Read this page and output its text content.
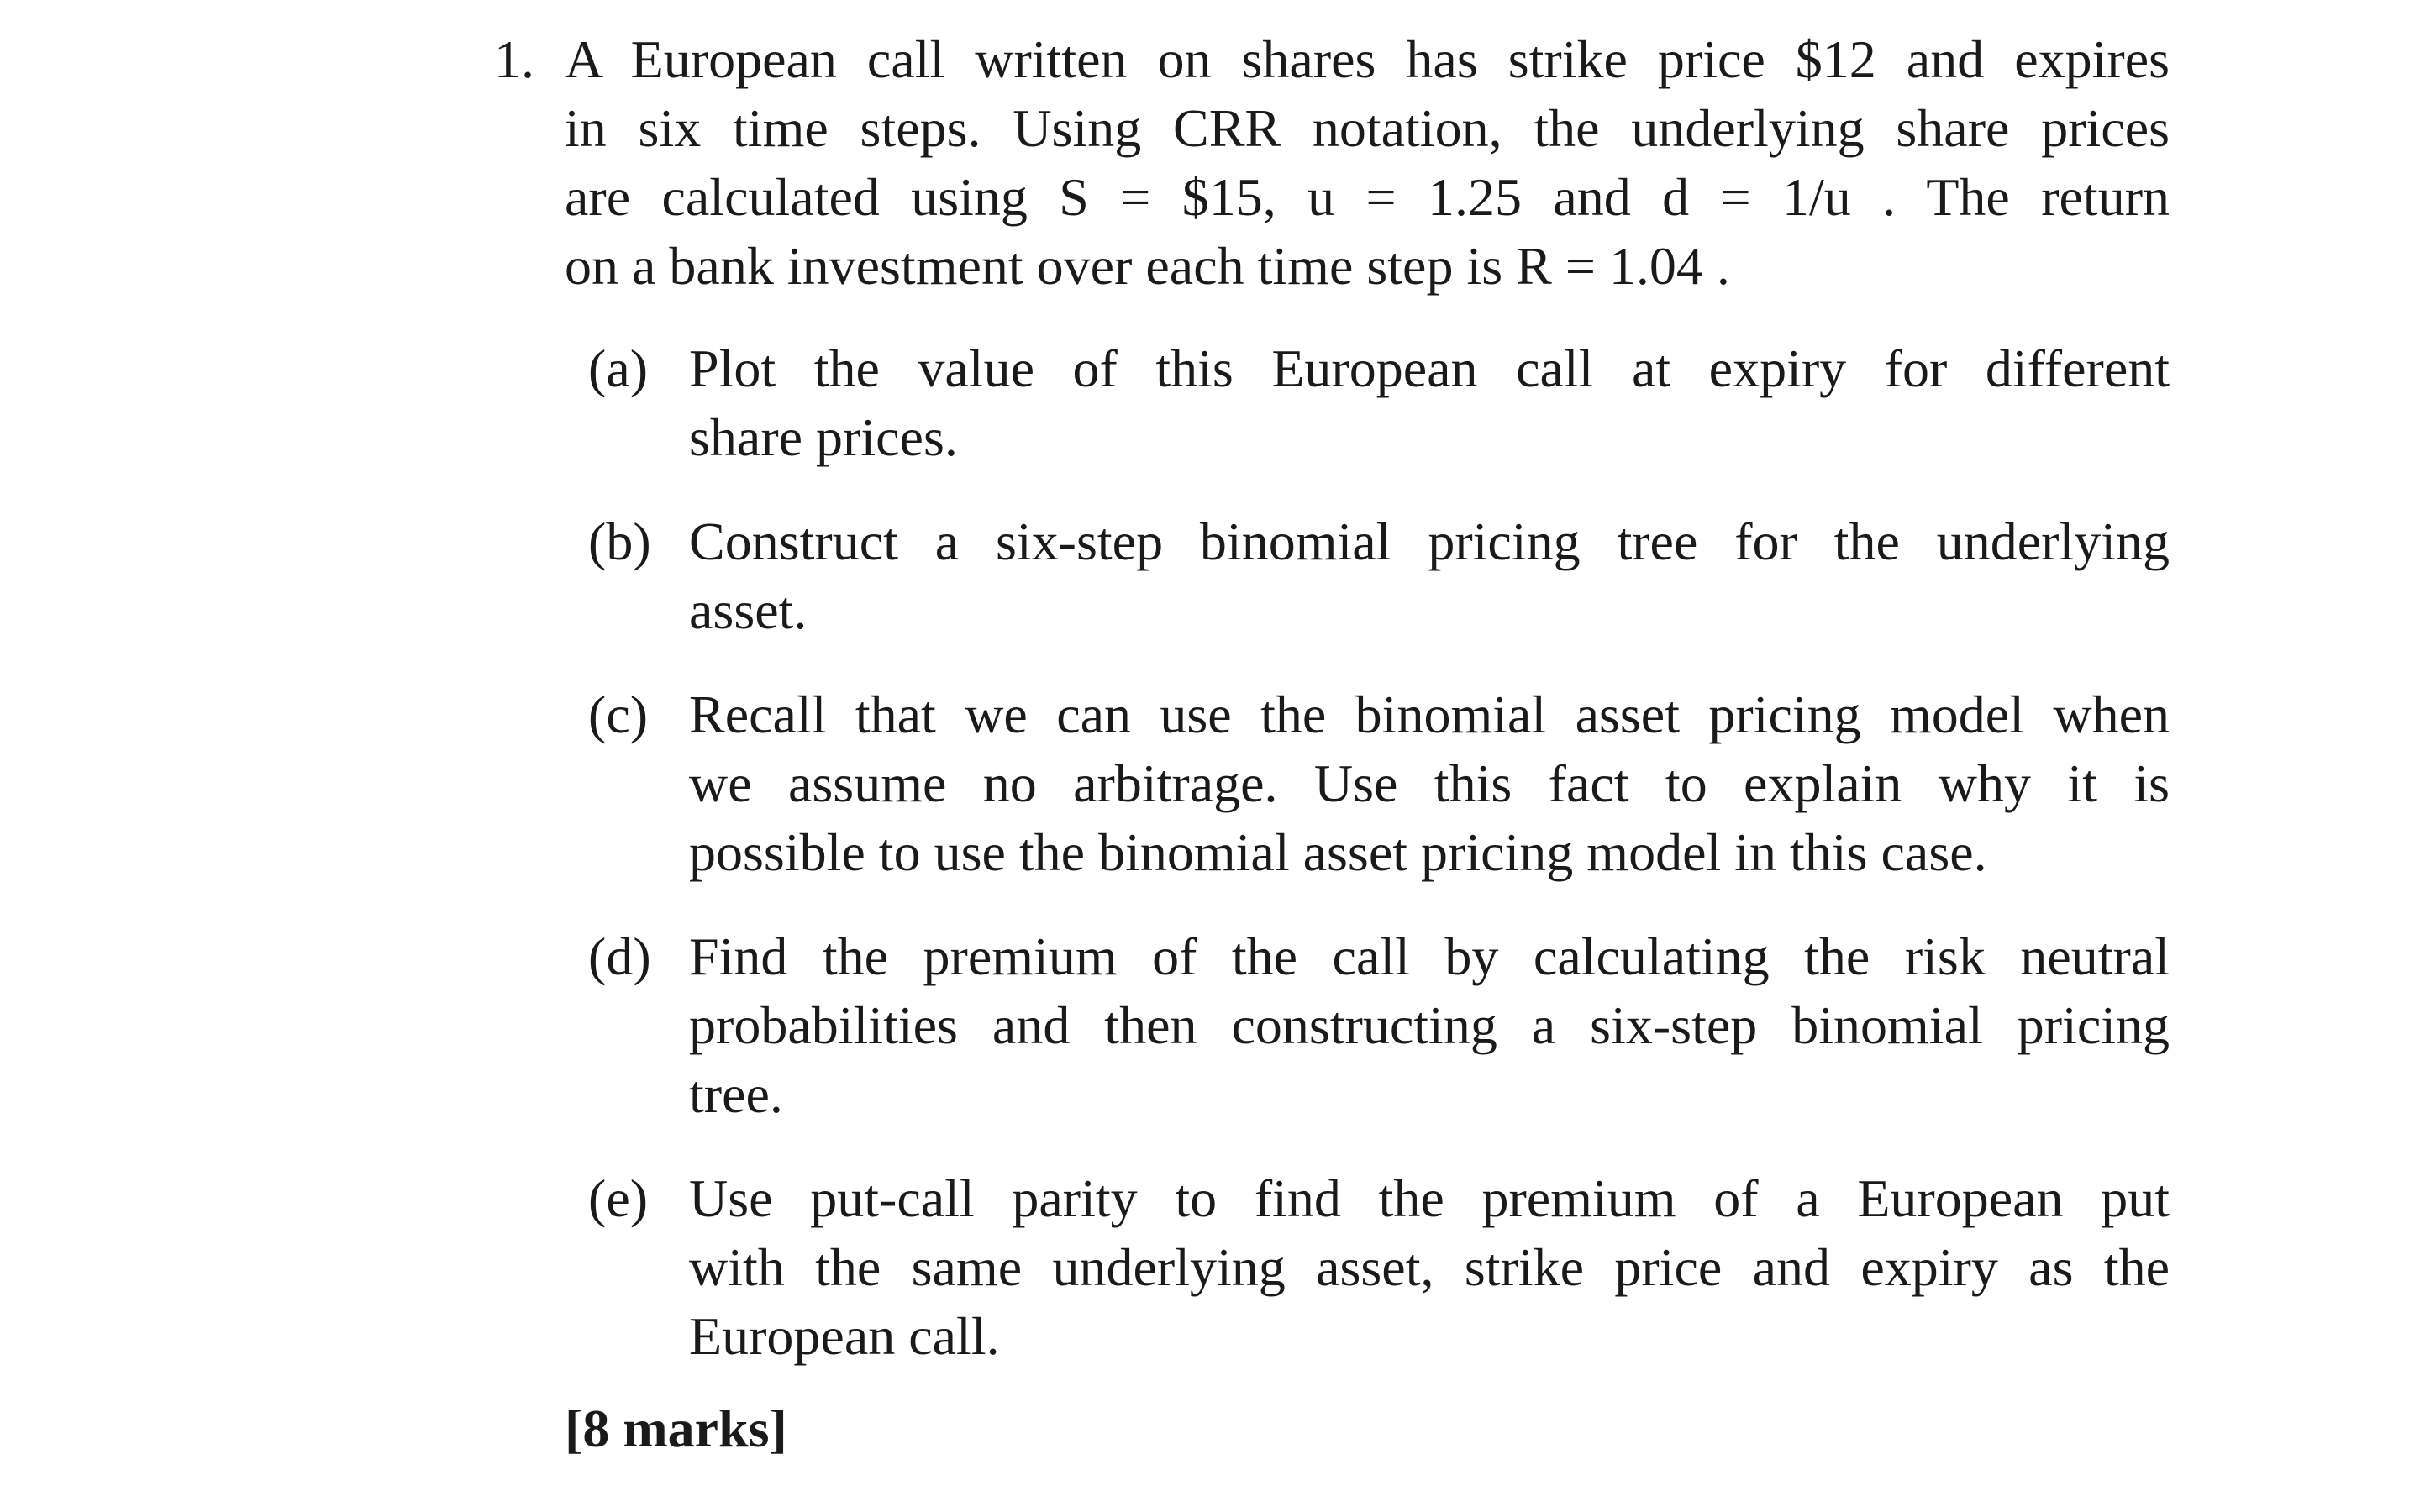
1. A European call written on shares has strike price $12 and expires
in six time steps. Using CRR notation, the underlying share prices
are calculated using S = $15, u = 1.25 and d = 1/u . The return
on a bank investment over each time step is R = 1.04 .
(a) Plot the value of this European call at expiry for different
share prices.
(b) Construct a six-step binomial pricing tree for the underlying
asset.
(c) Recall that we can use the binomial asset pricing model when
we assume no arbitrage. Use this fact to explain why it is
possible to use the binomial asset pricing model in this case.
(d) Find the premium of the call by calculating the risk neutral
probabilities and then constructing a six-step binomial pricing
tree.
(e) Use put-call parity to find the premium of a European put
with the same underlying asset, strike price and expiry as the
European call.
[8 marks]
